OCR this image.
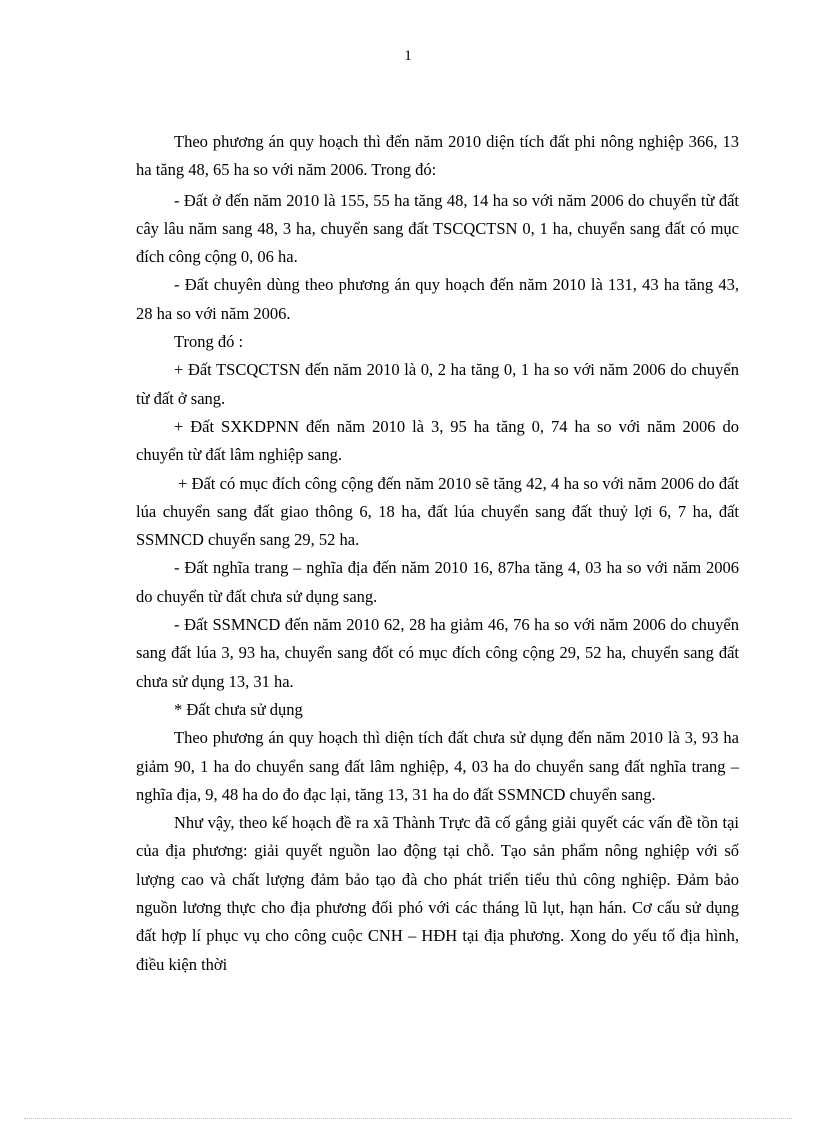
1

Theo phương án quy hoạch thì đến năm 2010 diện tích đất phi nông nghiệp 366, 13 ha tăng 48, 65 ha so với năm 2006. Trong đó:

- Đất ở đến năm 2010 là 155, 55 ha tăng 48, 14 ha so với năm 2006 do chuyển từ đất cây lâu năm sang 48, 3 ha, chuyển sang đất TSCQCTSN 0, 1 ha, chuyển sang đất có mục đích công cộng 0, 06 ha.

- Đất chuyên dùng theo phương án quy hoạch đến năm 2010 là 131, 43 ha tăng 43, 28 ha so với năm 2006.

Trong đó :

+ Đất TSCQCTSN đến năm 2010 là 0, 2 ha tăng 0, 1 ha so với năm 2006 do chuyển từ đất ở sang.

+ Đất SXKDPNN đến năm 2010 là 3, 95 ha tăng 0, 74 ha so với năm 2006 do chuyển từ đất lâm nghiệp sang.

+ Đất có mục đích công cộng đến năm 2010 sẽ tăng 42, 4 ha so với năm 2006 do đất lúa chuyển sang đất giao thông 6, 18 ha, đất lúa chuyển sang đất thuỷ lợi 6, 7 ha, đất SSMNCD chuyển sang 29, 52 ha.

- Đất nghĩa trang – nghĩa địa đến năm 2010 16, 87ha tăng 4, 03 ha so với năm 2006 do chuyển từ đất chưa sử dụng sang.

- Đất SSMNCD đến năm 2010 62, 28 ha giảm 46, 76 ha so với năm 2006 do chuyển sang đất lúa 3, 93 ha, chuyển sang đốt có mục đích công cộng 29, 52 ha, chuyển sang đất chưa sử dụng 13, 31 ha.

* Đất chưa sử dụng

Theo phương án quy hoạch thì diện tích đất chưa sử dụng đến năm 2010 là 3, 93 ha giảm 90, 1 ha do chuyển sang đất lâm nghiệp, 4, 03 ha do chuyển sang đất nghĩa trang – nghĩa địa, 9, 48 ha do đo đạc lại, tăng 13, 31 ha do đất SSMNCD chuyển sang.

Như vậy, theo kế hoạch đề ra xã Thành Trực đã cố gắng giải quyết các vấn đề tồn tại của địa phương: giải quyết nguồn lao động tại chỗ. Tạo sản phẩm nông nghiệp với số lượng cao và chất lượng đảm bảo tạo đà cho phát triển tiểu thủ công nghiệp. Đảm bảo nguồn lương thực cho địa phương đối phó với các tháng lũ lụt, hạn hán. Cơ cấu sử dụng đất hợp lí phục vụ cho công cuộc CNH – HĐH tại địa phương. Xong do yếu tố địa hình, điều kiện thời
